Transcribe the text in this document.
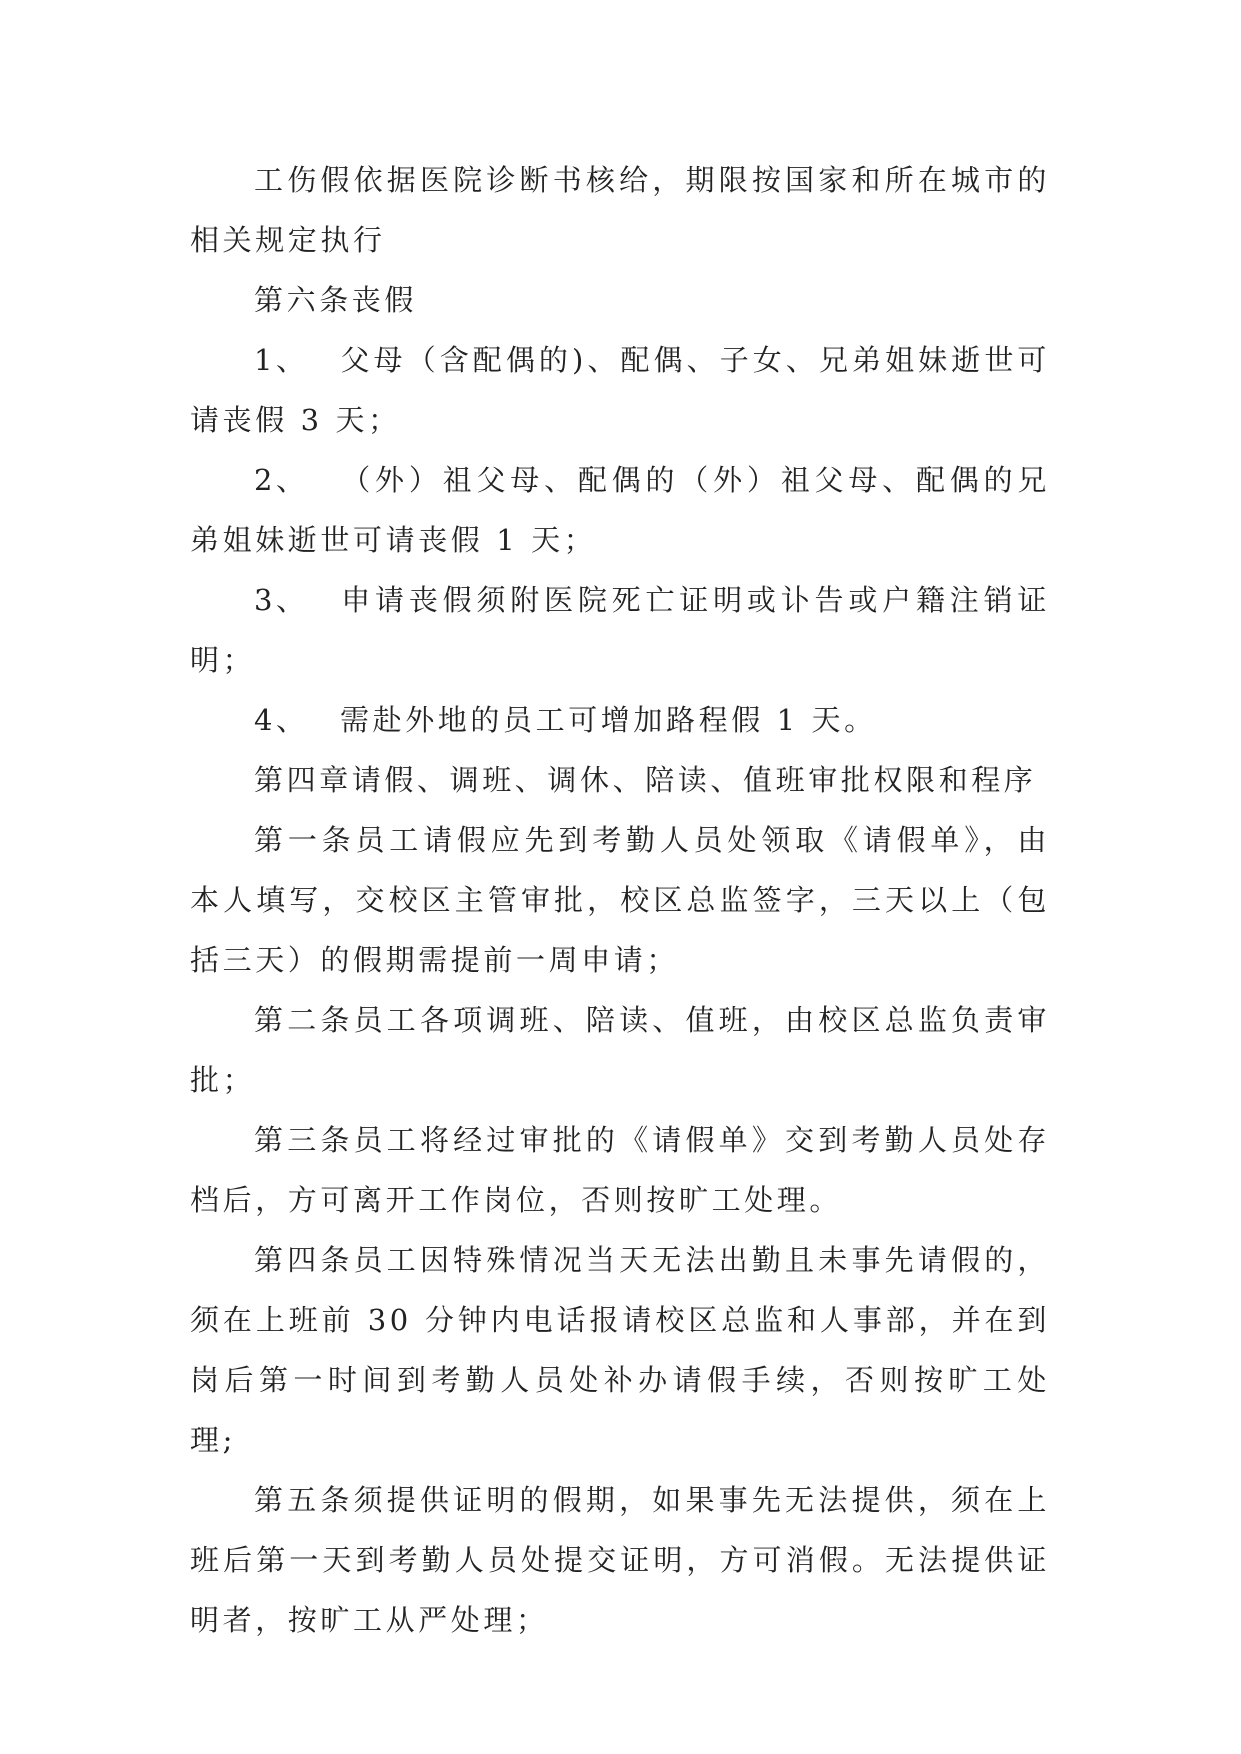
工伤假依据医院诊断书核给，期限按国家和所在城市的相关规定执行

第六条丧假

1、 父母（含配偶的)、配偶、子女、兄弟姐妹逝世可请丧假 3 天；

2、 （外）祖父母、配偶的（外）祖父母、配偶的兄弟姐妹逝世可请丧假 1 天；

3、 申请丧假须附医院死亡证明或讣告或户籍注销证明；

4、 需赴外地的员工可增加路程假 1 天。

第四章请假、调班、调休、陪读、值班审批权限和程序

第一条员工请假应先到考勤人员处领取《请假单》，由本人填写，交校区主管审批，校区总监签字，三天以上（包括三天）的假期需提前一周申请；

第二条员工各项调班、陪读、值班，由校区总监负责审批；

第三条员工将经过审批的《请假单》交到考勤人员处存档后，方可离开工作岗位，否则按旷工处理。

第四条员工因特殊情况当天无法出勤且未事先请假的，须在上班前 30 分钟内电话报请校区总监和人事部，并在到岗后第一时间到考勤人员处补办请假手续，否则按旷工处理;

第五条须提供证明的假期，如果事先无法提供，须在上班后第一天到考勤人员处提交证明，方可消假。无法提供证明者，按旷工从严处理；
